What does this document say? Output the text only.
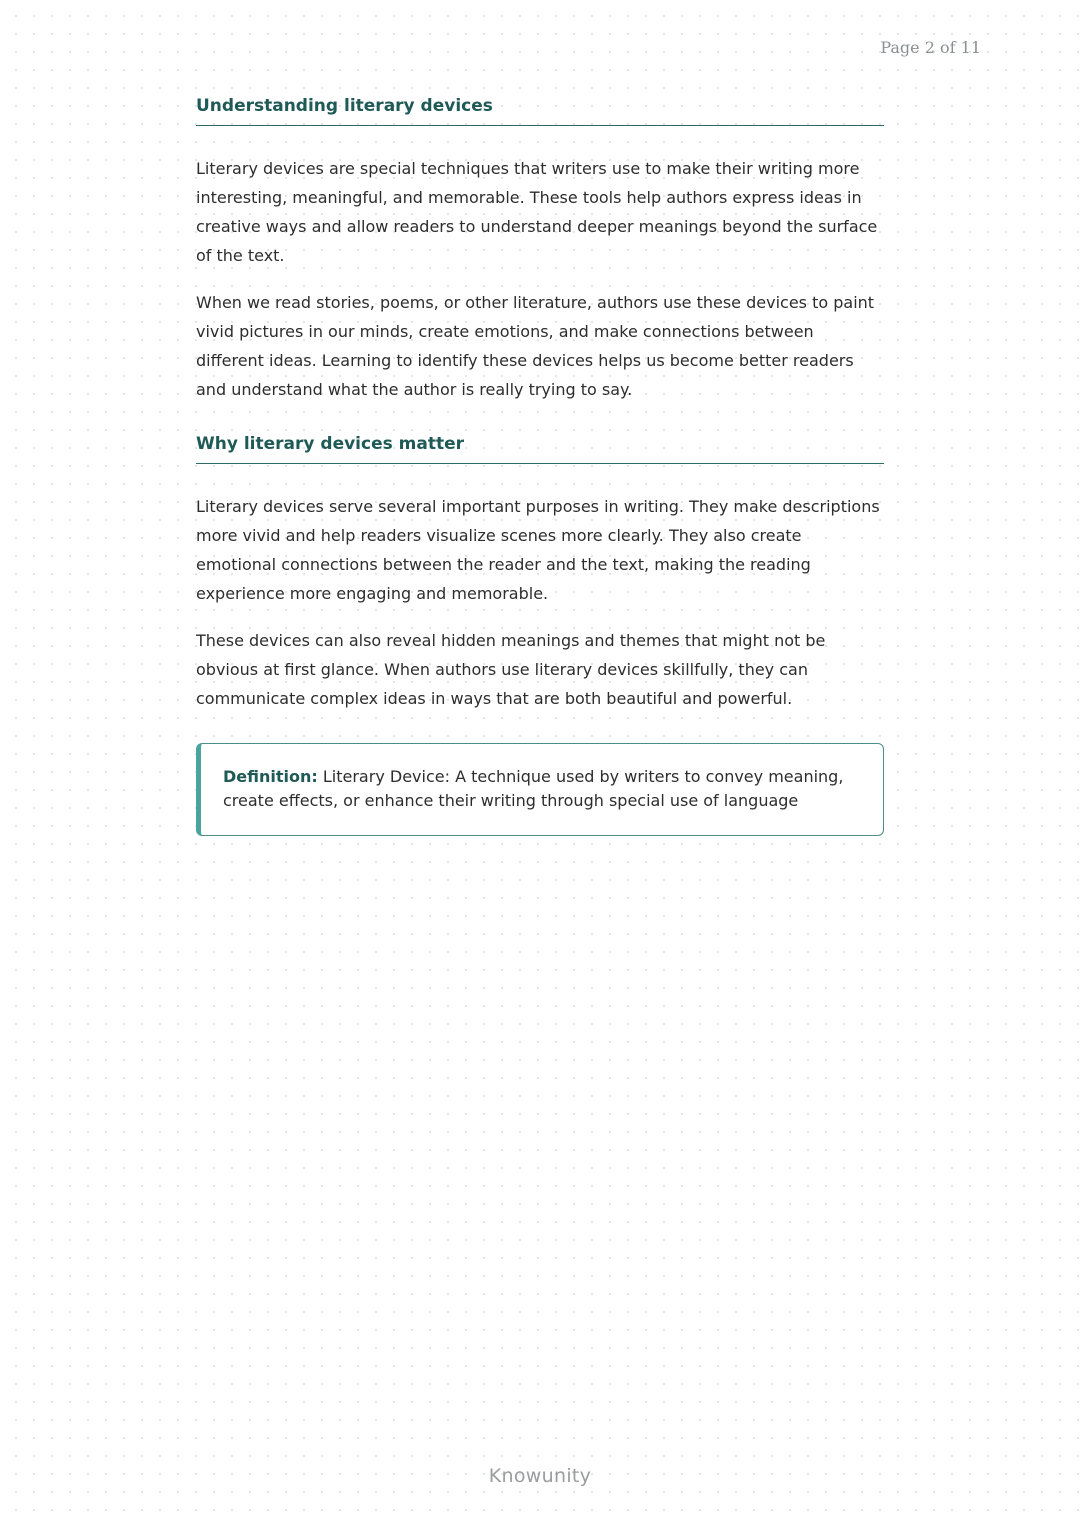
Page 2 of 11
Understanding literary devices

Literary devices are special techniques that writers use to make their writing more interesting, meaningful, and memorable. These tools help authors express ideas in creative ways and allow readers to understand deeper meanings beyond the surface of the text.

When we read stories, poems, or other literature, authors use these devices to paint vivid pictures in our minds, create emotions, and make connections between different ideas. Learning to identify these devices helps us become better readers and understand what the author is really trying to say.

Why literary devices matter

Literary devices serve several important purposes in writing. They make descriptions more vivid and help readers visualize scenes more clearly. They also create emotional connections between the reader and the text, making the reading experience more engaging and memorable.

These devices can also reveal hidden meanings and themes that might not be obvious at first glance. When authors use literary devices skillfully, they can communicate complex ideas in ways that are both beautiful and powerful.

Definition: Literary Device: A technique used by writers to convey meaning, create effects, or enhance their writing through special use of language
Knowunity
